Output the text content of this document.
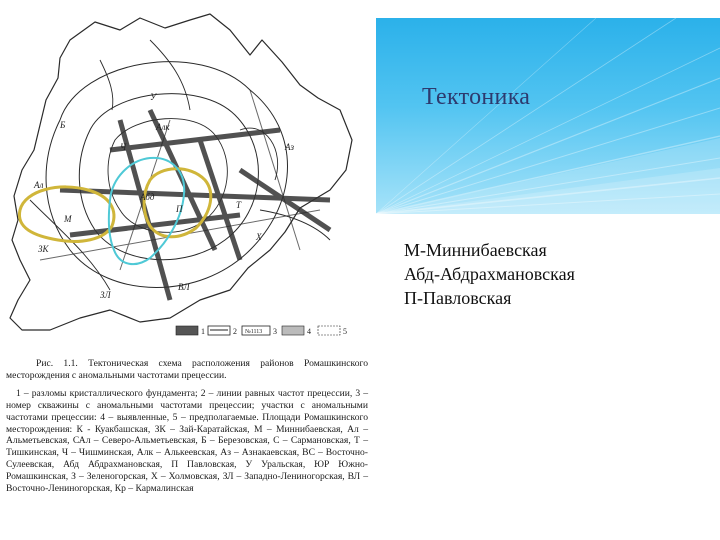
Тектоника
М-Миннибаевская
Абд-Абдрахмановская
П-Павловская
Ал
М
ЗК
Абд
П
Аз
ВЛ
ЗЛ
У
Б
Ч
Т
Х
Алк
1	2 №1113 3	4	5

Рис. 1.1. Тектоническая схема расположения районов Ромашкинского месторождения с аномальными частотами прецессии.

1 – разломы кристаллического фундамента; 2 – линии равных частот прецессии, 3 – номер скважины с аномальными частотами прецессии; участки с аномальными частотами прецессии: 4 – выявленные, 5 – предполагаемые. Площади Ромашкинского месторождения: К - Куакбашская, ЗК – Зай-Каратайская, М – Миннибаевская, Ал – Альметьевская, САл – Северо-Альметьевская, Б – Березовская, С – Сармановская, Т – Тишкинская, Ч – Чишминская, Алк – Алькеевская, Аз – Азнакаевская, ВС – Восточно-Сулеевская, Абд Абдрахмановская, П Павловская, У Уральская, ЮР Южно-Ромашкинская, З – Зеленогорская, Х – Холмовская, ЗЛ – Западно-Лениногорская, ВЛ – Восточно-Лениногорская, Кр – Кармалинская
